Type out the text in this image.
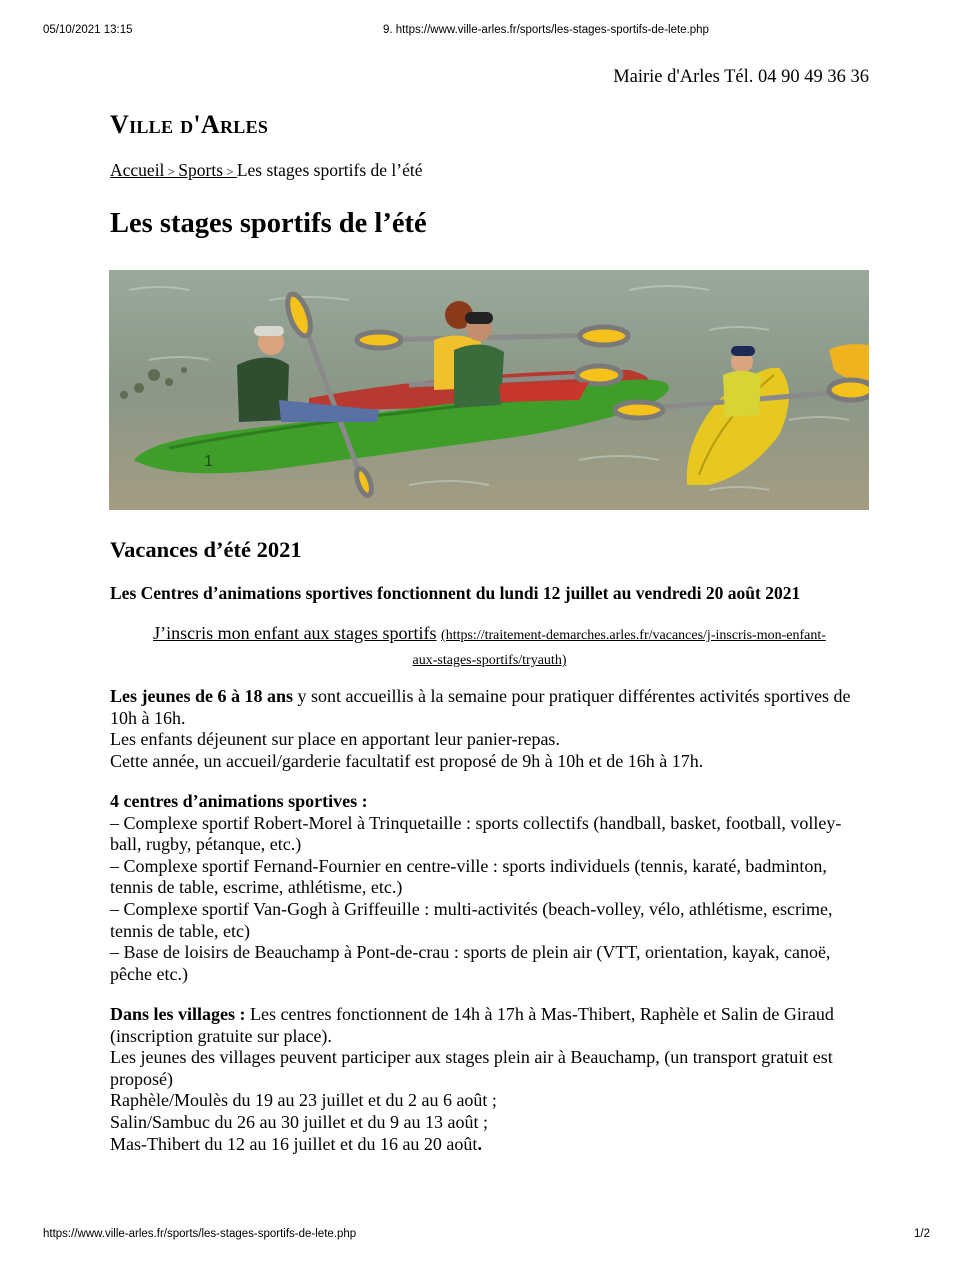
05/10/2021 13:15	9. https://www.ville-arles.fr/sports/les-stages-sportifs-de-lete.php
Mairie d'Arles Tél. 04 90 49 36 36
Ville d'Arles
Accueil > Sports > Les stages sportifs de l’été
Les stages sportifs de l’été
1
Vacances d’été 2021
Les Centres d’animations sportives fonctionnent du lundi 12 juillet au vendredi 20 août 2021
J’inscris mon enfant aux stages sportifs (https://traitement-demarches.arles.fr/vacances/j-inscris-mon-enfant-
aux-stages-sportifs/tryauth)

Les jeunes de 6 à 18 ans y sont accueillis à la semaine pour pratiquer différentes activités sportives de 10h à 16h.

Les enfants déjeunent sur place en apportant leur panier-repas.

Cette année, un accueil/garderie facultatif est proposé de 9h à 10h et de 16h à 17h.

4 centres d’animations sportives :

– Complexe sportif Robert-Morel à Trinquetaille : sports collectifs (handball, basket, football, volley-ball, rugby, pétanque, etc.)

– Complexe sportif Fernand-Fournier en centre-ville : sports individuels (tennis, karaté, badminton, tennis de table, escrime, athlétisme, etc.)

– Complexe sportif Van-Gogh à Griffeuille : multi-activités (beach-volley, vélo, athlétisme, escrime, tennis de table, etc)

– Base de loisirs de Beauchamp à Pont-de-crau : sports de plein air (VTT, orientation, kayak, canoë, pêche etc.)

Dans les villages : Les centres fonctionnent de 14h à 17h à Mas-Thibert, Raphèle et Salin de Giraud (inscription gratuite sur place).

Les jeunes des villages peuvent participer aux stages plein air à Beauchamp, (un transport gratuit est proposé)

Raphèle/Moulès du 19 au 23 juillet et du 2 au 6 août ;

Salin/Sambuc du 26 au 30 juillet et du 9 au 13 août ;

Mas-Thibert du 12 au 16 juillet et du 16 au 20 août.

https://www.ville-arles.fr/sports/les-stages-sportifs-de-lete.php	1/2
